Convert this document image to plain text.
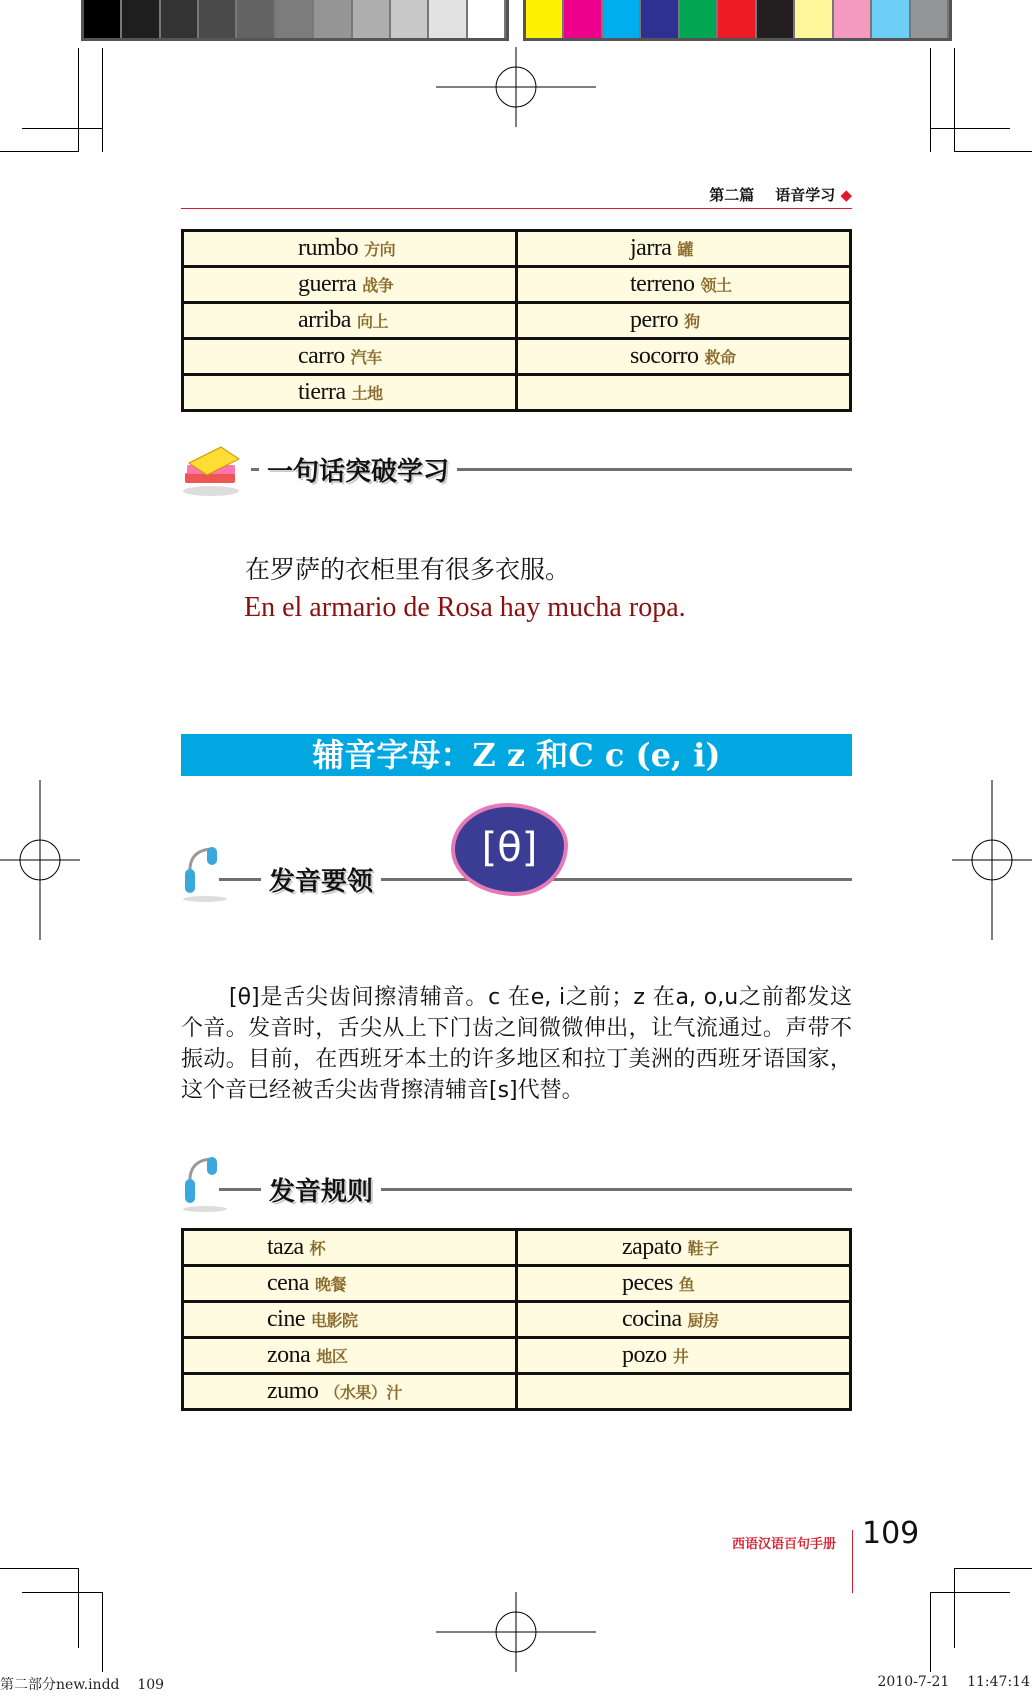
第二篇 语音学习 ◆
rumbo 方向	jarra 罐
guerra 战争	terreno 领土
arriba 向上	perro 狗
carro 汽车	socorro 救命
tierra 土地	
一句话突破学习
在罗萨的衣柜里有很多衣服。
En el armario de Rosa hay mucha ropa.
辅音字母：Z z 和C c (e, i)
发音要领
[θ]
[θ]是舌尖齿间擦清辅音。c 在e, i之前；z 在a, o,u之前都发这个音。发音时，舌尖从上下门齿之间微微伸出，让气流通过。声带不振动。目前，在西班牙本土的许多地区和拉丁美洲的西班牙语国家，这个音已经被舌尖齿背擦清辅音[s]代替。
发音规则
taza 杯	zapato 鞋子
cena 晚餐	peces 鱼
cine 电影院	cocina 厨房
zona 地区	pozo 井
zumo （水果）汁	
西语汉语百句手册 109
第二部分new.indd 109	2010-7-21 11:47:14
